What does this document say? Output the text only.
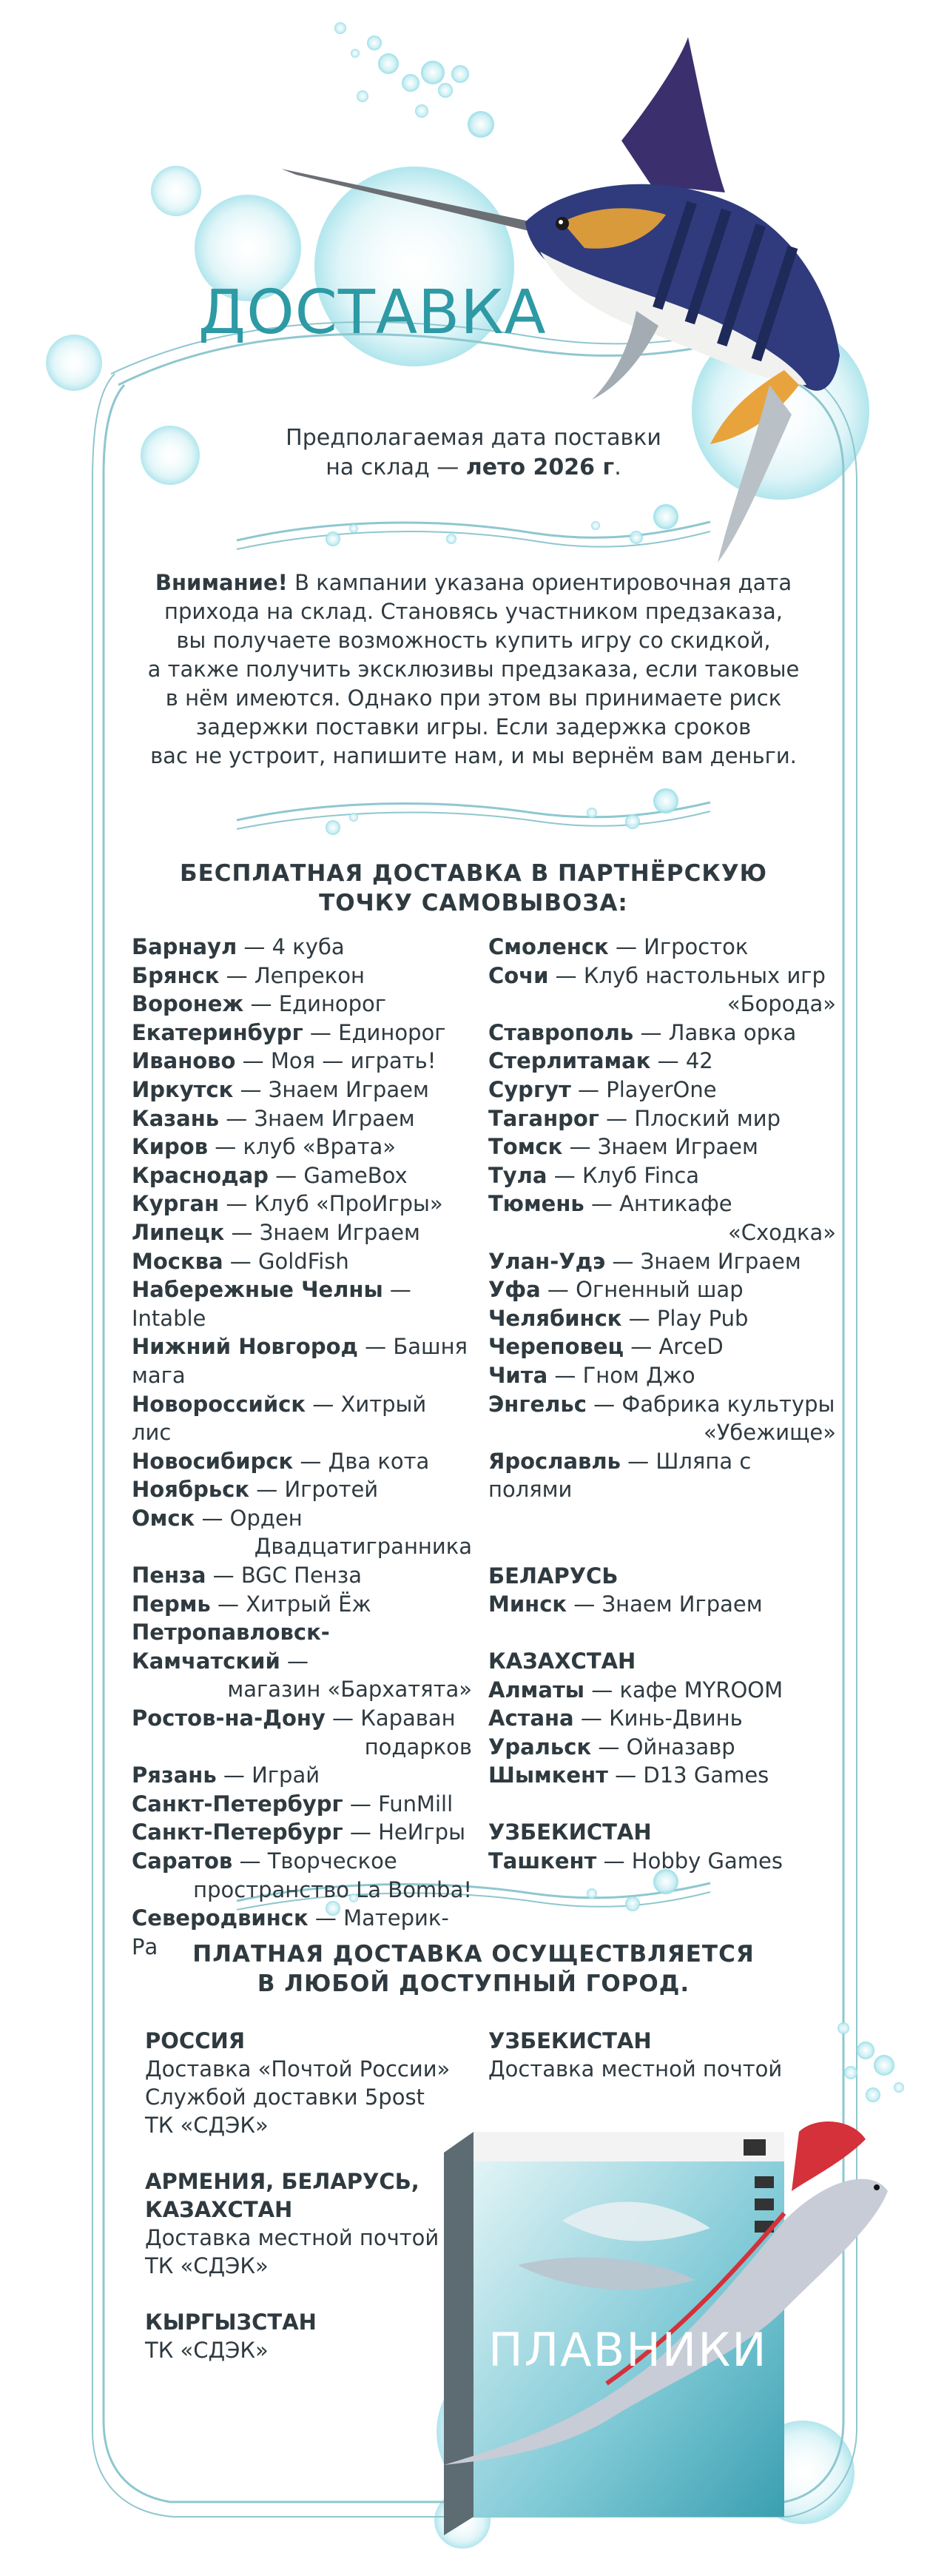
ДОСТАВКА
Предполагаемая дата поставки
на склад — лето 2026 г.
Внимание! В кампании указана ориентировочная дата
прихода на склад. Становясь участником предзаказа,
вы получаете возможность купить игру со скидкой,
а также получить эксклюзивы предзаказа, если таковые
в нём имеются. Однако при этом вы принимаете риск
задержки поставки игры. Если задержка сроков
вас не устроит, напишите нам, и мы вернём вам деньги.
БЕСПЛАТНАЯ ДОСТАВКА В ПАРТНЁРСКУЮ
ТОЧКУ САМОВЫВОЗА:
Барнаул — 4 куба
Брянск — Лепрекон
Воронеж — Единорог
Екатеринбург — Единорог
Иваново — Моя — играть!
Иркутск — Знаем Играем
Казань — Знаем Играем
Киров — клуб «Врата»
Краснодар — GameBox
Курган — Клуб «ПроИгры»
Липецк — Знаем Играем
Москва — GoldFish
Набережные Челны — Intable
Нижний Новгород — Башня
мага
Новороссийск — Хитрый лис
Новосибирск — Два кота
Ноябрьск — Игротей
Омск — Орден
Двадцатигранника
Пенза — BGC Пенза
Пермь — Хитрый Ёж
Петропавловск-Камчатский —
магазин «Бархатята»
Ростов-на-Дону — Караван
подарков
Рязань — Играй
Санкт-Петербург — FunMill
Санкт-Петербург — НеИгры
Саратов — Творческое
пространство La Bomba!
Северодвинск — Материк-Ра
Смоленск — Игросток
Сочи — Клуб настольных игр
«Борода»
Ставрополь — Лавка орка
Стерлитамак — 42
Сургут — PlayerOne
Таганрог — Плоский мир
Томск — Знаем Играем
Тула — Клуб Finca
Тюмень — Антикафе
«Сходка»
Улан-Удэ — Знаем Играем
Уфа — Огненный шар
Челябинск — Play Pub
Череповец — ArceD
Чита — Гном Джо
Энгельс — Фабрика культуры
«Убежище»
Ярославль — Шляпа с полями
БЕЛАРУСЬ
Минск — Знаем Играем
КАЗАХСТАН
Алматы — кафе MYROOM
Астана — Кинь-Двинь
Уральск — Ойназавр
Шымкент — D13 Games
УЗБЕКИСТАН
Ташкент — Hobby Games
ПЛАТНАЯ ДОСТАВКА ОСУЩЕСТВЛЯЕТСЯ
В ЛЮБОЙ ДОСТУПНЫЙ ГОРОД.
РОССИЯ
Доставка «Почтой России»
Службой доставки 5post
ТК «СДЭК»
АРМЕНИЯ, БЕЛАРУСЬ,
КАЗАХСТАН
Доставка местной почтой
ТК «СДЭК»
КЫРГЫЗСТАН
ТК «СДЭК»
УЗБЕКИСТАН
Доставка местной почтой
ПЛАВНИКИ
